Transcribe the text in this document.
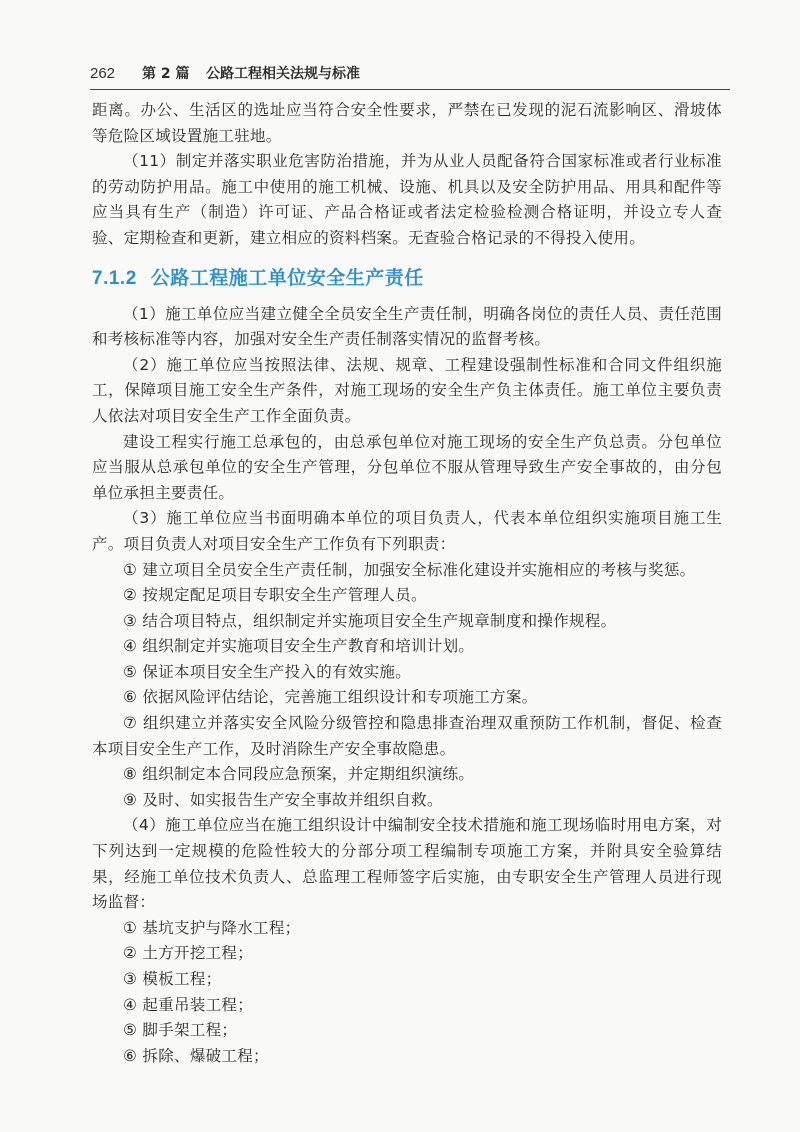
262 第 2 篇 公路工程相关法规与标准

距离。办公、生活区的选址应当符合安全性要求，严禁在已发现的泥石流影响区、滑坡体等危险区域设置施工驻地。

（11）制定并落实职业危害防治措施，并为从业人员配备符合国家标准或者行业标准的劳动防护用品。施工中使用的施工机械、设施、机具以及安全防护用品、用具和配件等应当具有生产（制造）许可证、产品合格证或者法定检验检测合格证明，并设立专人查验、定期检查和更新，建立相应的资料档案。无查验合格记录的不得投入使用。

7.1.2 公路工程施工单位安全生产责任

（1）施工单位应当建立健全全员安全生产责任制，明确各岗位的责任人员、责任范围和考核标准等内容，加强对安全生产责任制落实情况的监督考核。

（2）施工单位应当按照法律、法规、规章、工程建设强制性标准和合同文件组织施工，保障项目施工安全生产条件，对施工现场的安全生产负主体责任。施工单位主要负责人依法对项目安全生产工作全面负责。

建设工程实行施工总承包的，由总承包单位对施工现场的安全生产负总责。分包单位应当服从总承包单位的安全生产管理，分包单位不服从管理导致生产安全事故的，由分包单位承担主要责任。

（3）施工单位应当书面明确本单位的项目负责人，代表本单位组织实施项目施工生产。项目负责人对项目安全生产工作负有下列职责：

① 建立项目全员安全生产责任制，加强安全标准化建设并实施相应的考核与奖惩。

② 按规定配足项目专职安全生产管理人员。

③ 结合项目特点，组织制定并实施项目安全生产规章制度和操作规程。

④ 组织制定并实施项目安全生产教育和培训计划。

⑤ 保证本项目安全生产投入的有效实施。

⑥ 依据风险评估结论，完善施工组织设计和专项施工方案。

⑦ 组织建立并落实安全风险分级管控和隐患排查治理双重预防工作机制，督促、检查本项目安全生产工作，及时消除生产安全事故隐患。

⑧ 组织制定本合同段应急预案，并定期组织演练。

⑨ 及时、如实报告生产安全事故并组织自救。

（4）施工单位应当在施工组织设计中编制安全技术措施和施工现场临时用电方案，对下列达到一定规模的危险性较大的分部分项工程编制专项施工方案，并附具安全验算结果，经施工单位技术负责人、总监理工程师签字后实施，由专职安全生产管理人员进行现场监督：

① 基坑支护与降水工程；

② 土方开挖工程；

③ 模板工程；

④ 起重吊装工程；

⑤ 脚手架工程；

⑥ 拆除、爆破工程；
